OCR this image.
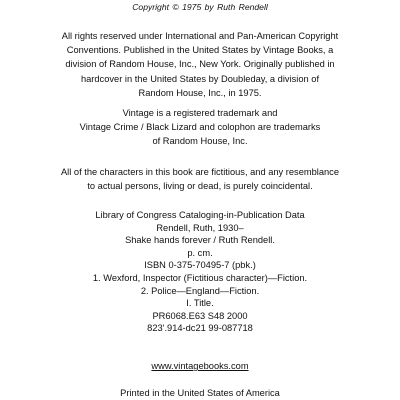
Copyright © 1975 by Ruth Rendell
All rights reserved under International and Pan-American Copyright
Conventions. Published in the United States by Vintage Books, a
division of Random House, Inc., New York. Originally published in
hardcover in the United States by Doubleday, a division of
Random House, Inc., in 1975.
Vintage is a registered trademark and
Vintage Crime / Black Lizard and colophon are trademarks
of Random House, Inc.
All of the characters in this book are fictitious, and any resemblance
to actual persons, living or dead, is purely coincidental.
Library of Congress Cataloging-in-Publication Data
Rendell, Ruth, 1930–
Shake hands forever / Ruth Rendell.
p. cm.
ISBN 0-375-70495-7 (pbk.)
1. Wexford, Inspector (Fictitious character)—Fiction.
2. Police—England—Fiction.
I. Title.
PR6068.E63 S48 2000
823'.914-dc21 99-087718
www.vintagebooks.com
Printed in the United States of America
